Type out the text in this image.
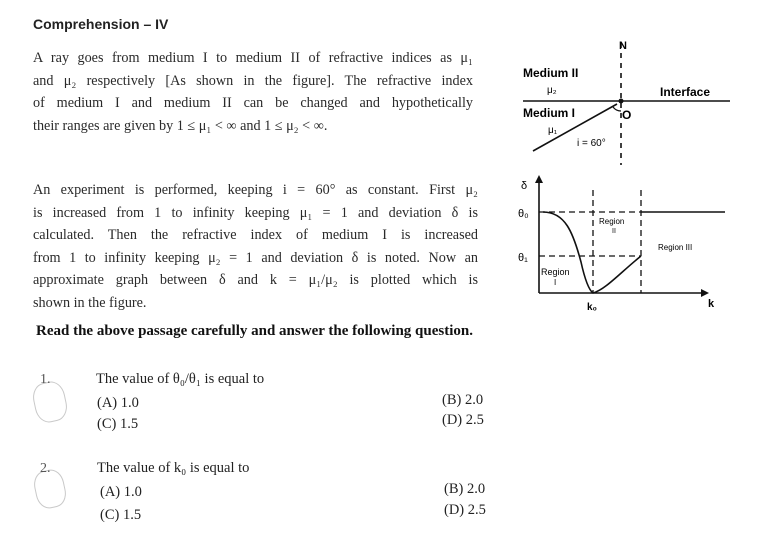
Comprehension – IV
A ray goes from medium I to medium II of refractive indices as μ₁
and μ₂ respectively [As shown in the figure]. The refractive index
of medium I and medium II can be changed and hypothetically
their ranges are given by 1 ≤ μ₁ < ∞ and 1 ≤ μ₂ < ∞.
An experiment is performed, keeping i = 60° as constant. First μ₂
is increased from 1 to infinity keeping μ₁ = 1 and deviation δ is
calculated. Then the refractive index of medium I is increased
from 1 to infinity keeping μ₂ = 1 and deviation δ is noted. Now an
approximate graph between δ and k = μ₁/μ₂ is plotted which is
shown in the figure.
Read the above passage carefully and answer the following question.
1.	The value of θ₀/θ₁ is equal to
(A) 1.0
(C) 1.5
(B) 2.0
(D) 2.5
2.	The value of k₀ is equal to
(A) 1.0
(C) 1.5
(B) 2.0
(D) 2.5
N
Medium II
μ₂	Interface
Medium I
μ₁
O
i = 60°
δ
θ₀
θ₁
k₀	k
Region
I
Region
II
Region III
